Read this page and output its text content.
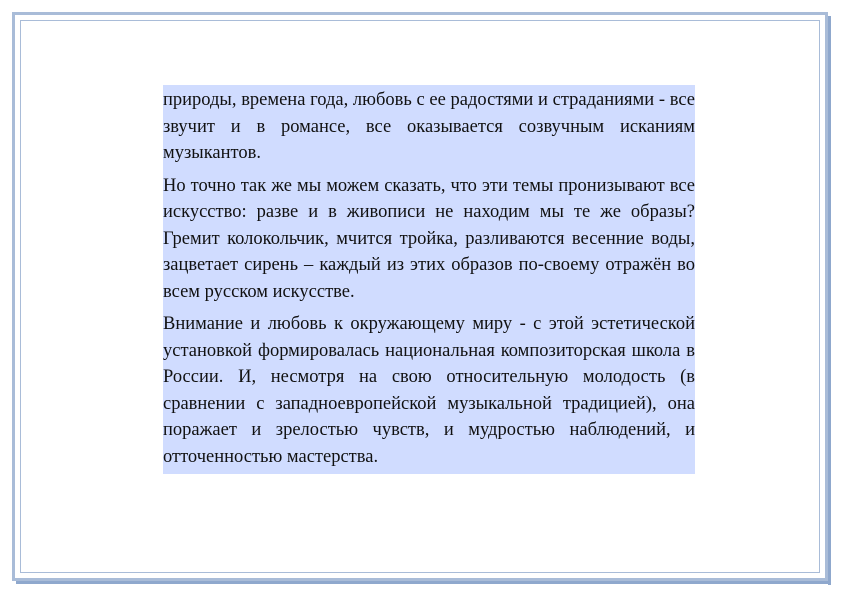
природы, времена года, любовь с ее радостями и страданиями - все звучит и в романсе, все оказывается созвучным исканиям музыкантов.

Но точно так же мы можем сказать, что эти темы пронизывают все искусство: разве и в живописи не находим мы те же образы? Гремит колокольчик, мчится тройка, разливаются весенние воды, зацветает сирень – каждый из этих образов по-своему отражён во всем русском искусстве.

Внимание и любовь к окружающему миру - с этой эстетической установкой формировалась национальная композиторская школа в России. И, несмотря на свою относительную молодость (в сравнении с западноевропейской музыкальной традицией), она поражает и зрелостью чувств, и мудростью наблюдений, и отточенностью мастерства.
